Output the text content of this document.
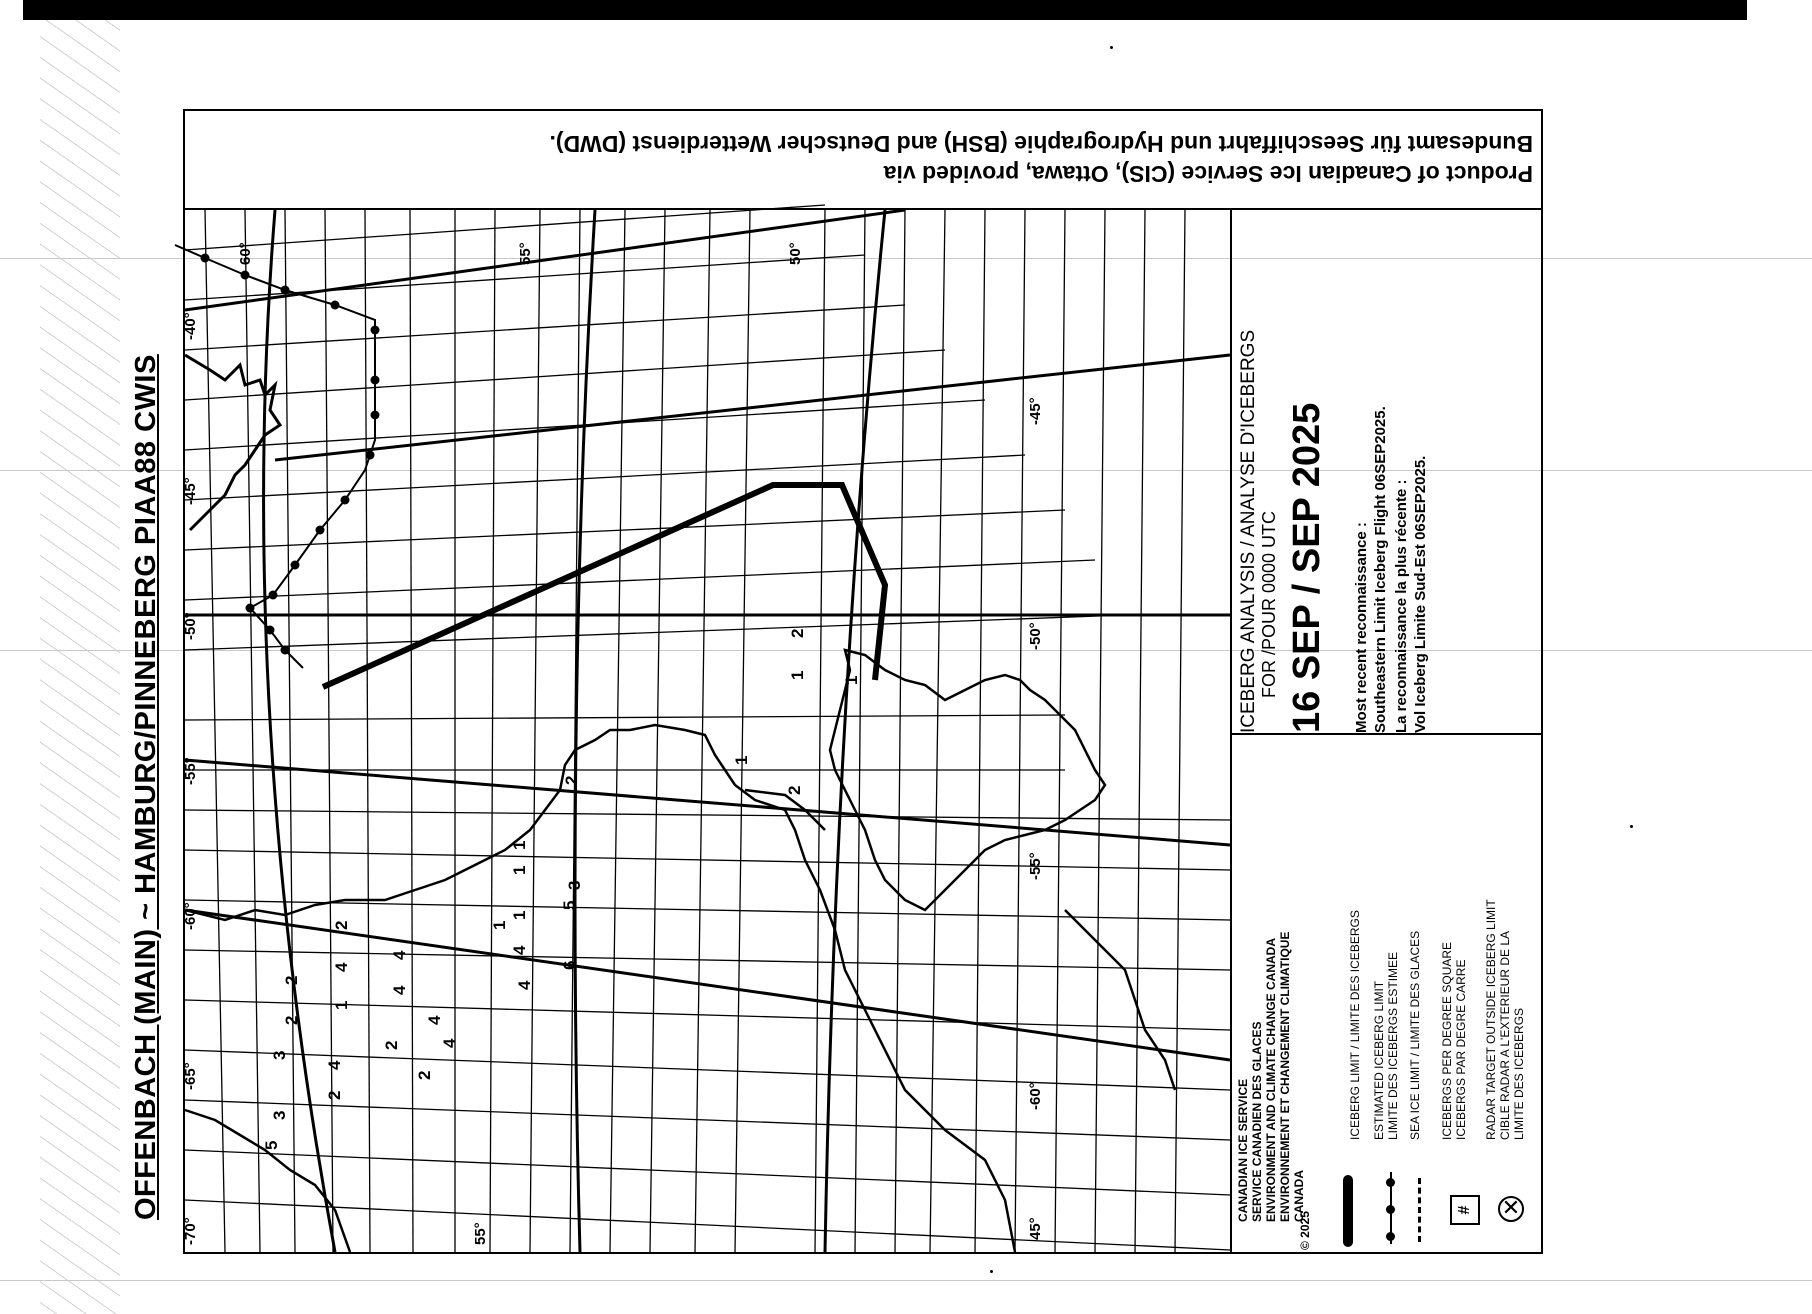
OFFENBACH (MAIN) ~ HAMBURG/PINNEBERG PIAA88 CWIS
Product of Canadian Ice Service (CIS), Ottawa, provided via
Bundesamt für Seeschiffahrt und Hydrographie (BSH) and Deutscher Wetterdienst (DWD).
60°	55°	50°
-40°
-45°
-50°
-55°
-60°
-65°
-70°
-45°
-50°
-55°
-60°
45°
55°
2
1
1
1
2
2
1
1
1
4
1
4
5
3
6
2
2
2
3
4
4
1
4
2
3
5
4
4
4
2
2
ICEBERG ANALYSIS / ANALYSE D'ICEBERGS FOR /POUR 0000 UTC 16 SEP / SEP 2025 Most recent reconnaissance : Southeastern Limit Iceberg Flight 06SEP2025. La reconnaissance la plus récente : Vol Iceberg Limite Sud-Est 06SEP2025.
CANADIAN ICE SERVICE SERVICE CANADIEN DES GLACES ENVIRONMENT AND CLIMATE CHANGE CANADA ENVIRONNEMENT ET CHANGEMENT CLIMATIQUE CANADA
© 2025
#	✕
ICEBERG LIMIT / LIMITE DES ICEBERGS ESTIMATED ICEBERG LIMIT LIMITE DES ICEBERGS ESTIMEE SEA ICE LIMIT / LIMITE DES GLACES ICEBERGS PER DEGREE SQUARE ICEBERGS PAR DEGRE CARRE RADAR TARGET OUTSIDE ICEBERG LIMIT CIBLE RADAR A L'EXTERIEUR DE LA LIMITE DES ICEBERGS
